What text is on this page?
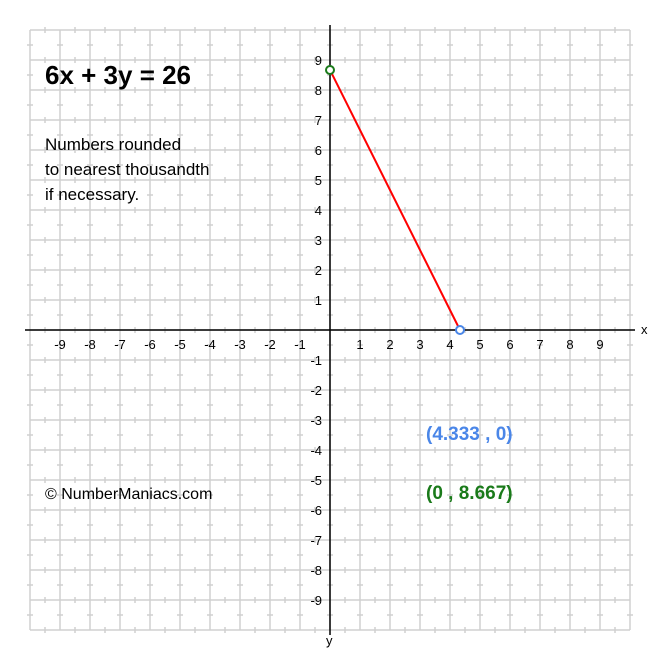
-9 -8 -7 -6 -5 -4 -3 -2 -1	1 2 3 4 5 6 7 8 9
9
8
7
6
5
4
3
2
1
-1
-2
-3
-4
-5
-6
-7
-8
-9
6x + 3y = 26
Numbers rounded
to nearest thousandth
if necessary.
© NumberManiacs.com
x
y
(4.333 , 0)
(0 , 8.667)
